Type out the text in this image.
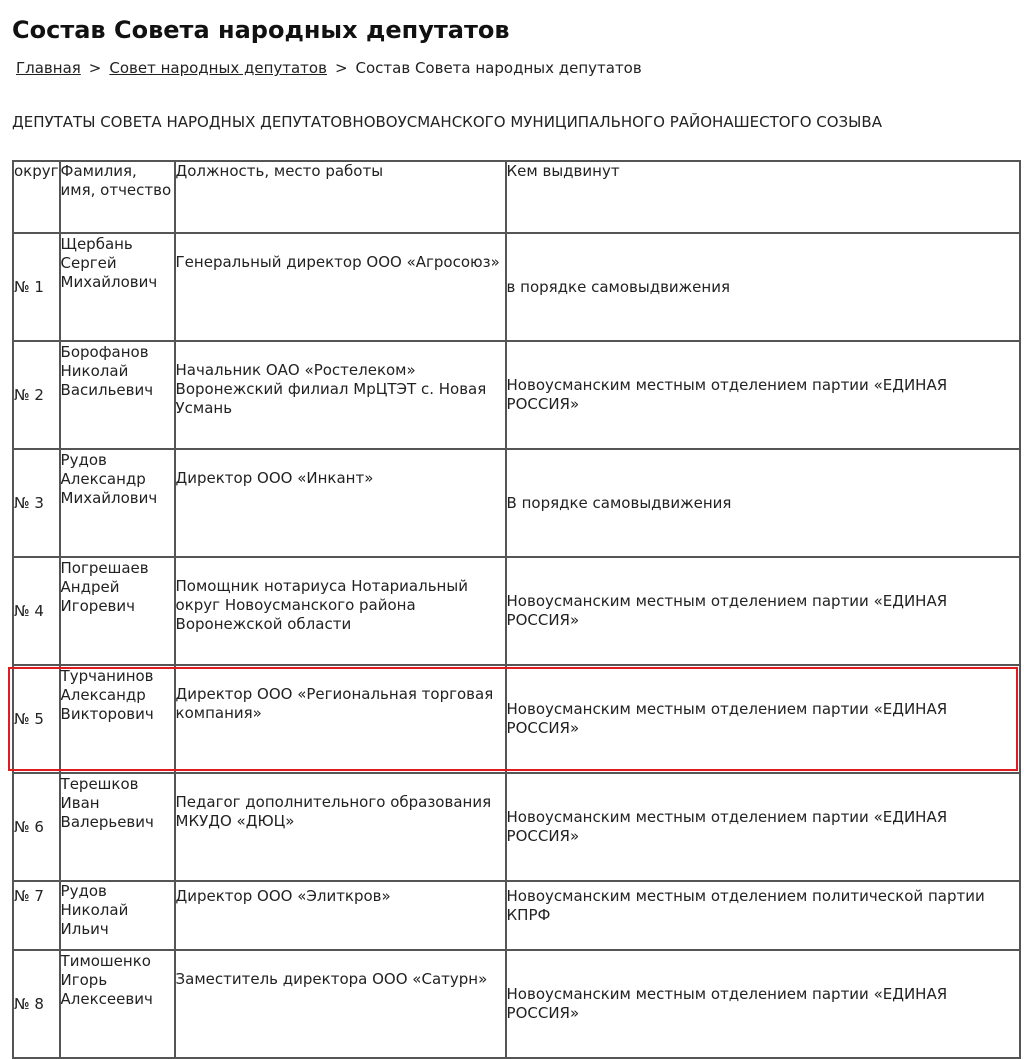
Состав Совета народных депутатов
Главная > Совет народных депутатов > Состав Совета народных депутатов

ДЕПУТАТЫ СОВЕТА НАРОДНЫХ ДЕПУТАТОВНОВОУСМАНСКОГО МУНИЦИПАЛЬНОГО РАЙОНАШЕСТОГО СОЗЫВА

округ	Фамилия, имя, отчество	Должность, место работы	Кем выдвинут
№ 1	Щербань Сергей Михайлович	Генеральный директор ООО «Агросоюз»	в порядке самовыдвижения
№ 2	Борофанов Николай Васильевич	Начальник ОАО «Ростелеком» Воронежский филиал МрЦТЭТ с. Новая Усмань	Новоусманским местным отделением партии «ЕДИНАЯ РОССИЯ»
№ 3	Рудов Александр Михайлович	Директор ООО «Инкант»	В порядке самовыдвижения
№ 4	Погрешаев Андрей Игоревич	Помощник нотариуса Нотариальный округ Новоусманского района Воронежской области	Новоусманским местным отделением партии «ЕДИНАЯ РОССИЯ»
№ 5	Турчанинов Александр Викторович	Директор ООО «Региональная торговая компания»	Новоусманским местным отделением партии «ЕДИНАЯ РОССИЯ»
№ 6	Терешков Иван Валерьевич	Педагог дополнительного образования МКУДО «ДЮЦ»	Новоусманским местным отделением партии «ЕДИНАЯ РОССИЯ»
№ 7	Рудов Николай Ильич	Директор ООО «Элиткров»	Новоусманским местным отделением политической партии КПРФ
№ 8	Тимошенко Игорь Алексеевич	Заместитель директора ООО «Сатурн»	Новоусманским местным отделением партии «ЕДИНАЯ РОССИЯ»
